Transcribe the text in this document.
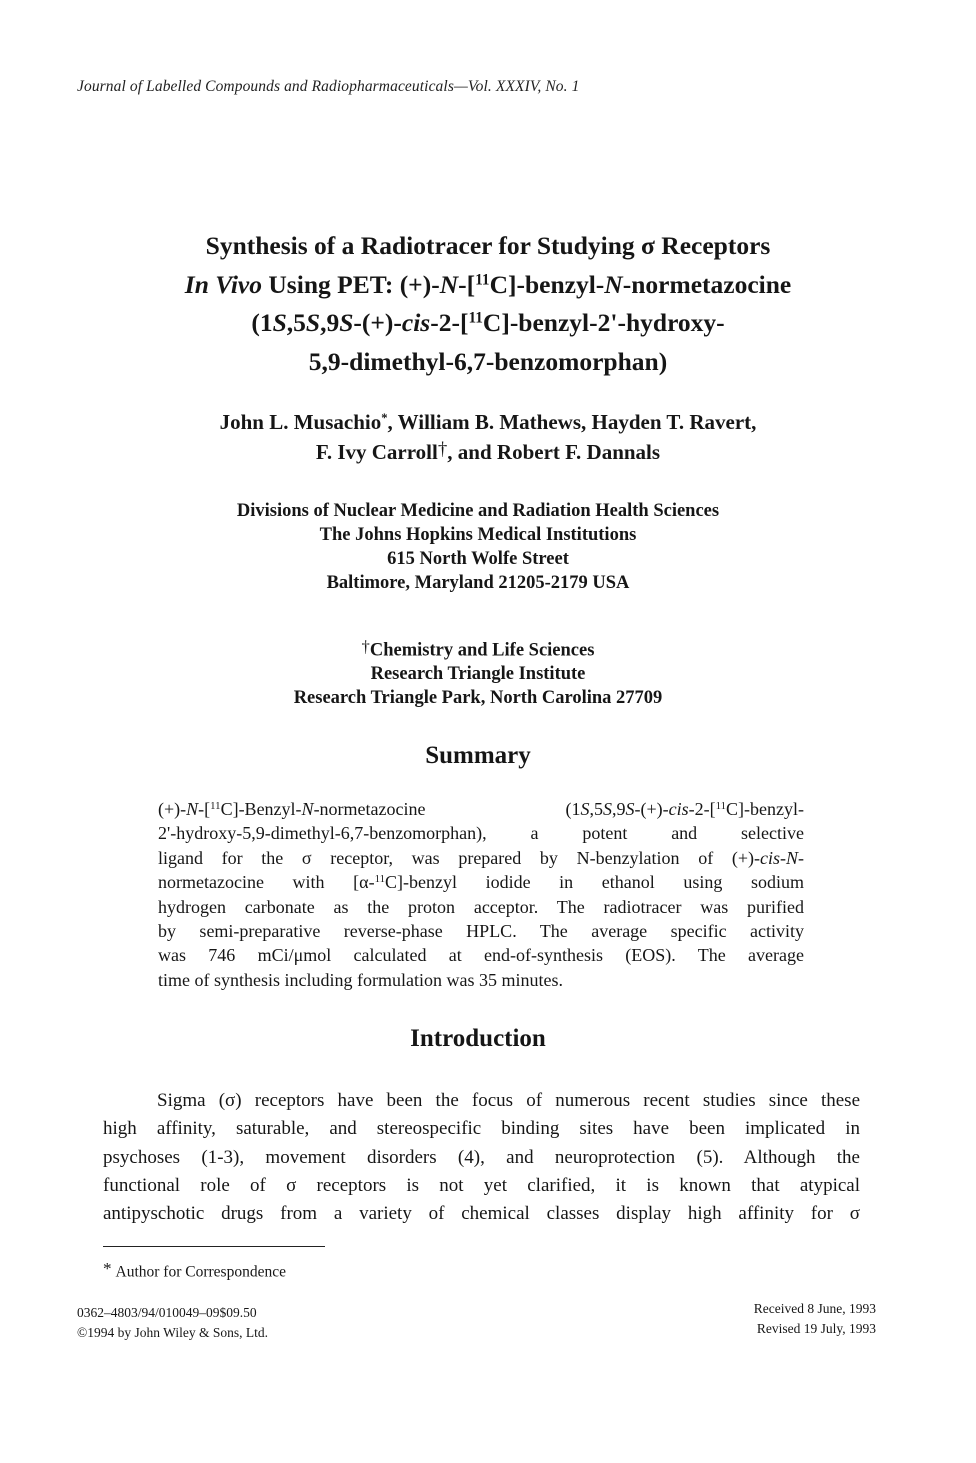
Journal of Labelled Compounds and Radiopharmaceuticals—Vol. XXXIV, No. 1
Synthesis of a Radiotracer for Studying σ Receptors
In Vivo Using PET: (+)-N-[$^{11}$C]-benzyl-N-normetazocine
(1S,5S,9S-(+)-cis-2-[$^{11}$C]-benzyl-2'-hydroxy-
5,9-dimethyl-6,7-benzomorphan)
John L. Musachio*, William B. Mathews, Hayden T. Ravert,
F. Ivy Carroll†, and Robert F. Dannals
Divisions of Nuclear Medicine and Radiation Health Sciences
The Johns Hopkins Medical Institutions
615 North Wolfe Street
Baltimore, Maryland 21205-2179 USA
†Chemistry and Life Sciences
Research Triangle Institute
Research Triangle Park, North Carolina 27709
Summary
(+)-N-[$^{11}$C]-Benzyl-N-normetazocine (1S,5S,9S-(+)-cis-2-[$^{11}$C]-benzyl-
2'-hydroxy-5,9-dimethyl-6,7-benzomorphan), a potent and selective
ligand for the σ receptor, was prepared by N-benzylation of (+)-cis-N-
normetazocine with [α-$^{11}$C]-benzyl iodide in ethanol using sodium
hydrogen carbonate as the proton acceptor. The radiotracer was purified
by semi-preparative reverse-phase HPLC. The average specific activity
was 746 mCi/μmol calculated at end-of-synthesis (EOS). The average
time of synthesis including formulation was 35 minutes.
Introduction
Sigma (σ) receptors have been the focus of numerous recent studies since these
high affinity, saturable, and stereospecific binding sites have been implicated in
psychoses (1-3), movement disorders (4), and neuroprotection (5). Although the
functional role of σ receptors is not yet clarified, it is known that atypical
antipyschotic drugs from a variety of chemical classes display high affinity for σ
* Author for Correspondence
0362–4803/94/010049–09$09.50
©1994 by John Wiley & Sons, Ltd.
Received 8 June, 1993
Revised 19 July, 1993
